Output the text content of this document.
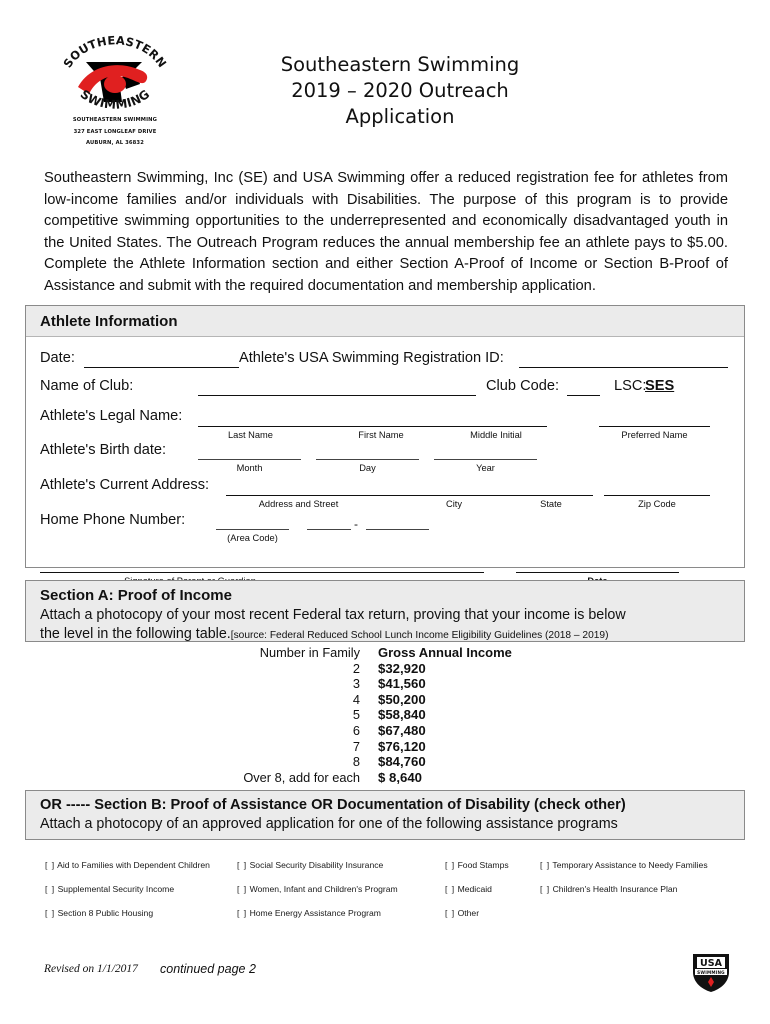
SOUTHEASTERN
SWIMMING
SOUTHEASTERN SWIMMING
327 EAST LONGLEAF DRIVE
AUBURN, AL 36832
Southeastern Swimming
2019 – 2020 Outreach
Application
Southeastern Swimming, Inc (SE) and USA Swimming offer a reduced registration fee for athletes from low-income families and/or individuals with Disabilities. The purpose of this program is to provide competitive swimming opportunities to the underrepresented and economically disadvantaged youth in the United States. The Outreach Program reduces the annual membership fee an athlete pays to $5.00. Complete the Athlete Information section and either Section A-Proof of Income or Section B-Proof of Assistance and submit with the required documentation and membership application.
Athlete Information
Date:	Athlete's USA Swimming Registration ID:
Name of Club:	Club Code:	LSC:
SES
Athlete's Legal Name:
Last Name	First Name	Middle Initial	Preferred Name
Athlete's Birth date:
Month	Day	Year
Athlete's Current Address:
Address and Street	City	State	Zip Code
Home Phone Number:	-
(Area Code)
Section A: Proof of Income
Attach a photocopy of your most recent Federal tax return, proving that your income is below
the level in the following table.[source: Federal Reduced School Lunch Income Eligibility Guidelines (2018 – 2019)
Number in Family	Gross Annual Income
2	$32,920
3	$41,560
4	$50,200
5	$58,840
6	$67,480
7	$76,120
8	$84,760
Over 8, add for each	$ 8,640
OR ----- Section B: Proof of Assistance OR Documentation of Disability (check other)
Attach a photocopy of an approved application for one of the following assistance programs
[ ] Aid to Families with Dependent Children	[ ] Social Security Disability Insurance	[ ] Food Stamps	[ ] Temporary Assistance to Needy Families
[ ] Supplemental Security Income	[ ] Women, Infant and Children's Program	[ ] Medicaid	[ ] Children's Health Insurance Plan
[ ] Section 8 Public Housing	[ ] Home Energy Assistance Program	[ ] Other
Revised on 1/1/2017 continued page 2	USA
SWIMMING
